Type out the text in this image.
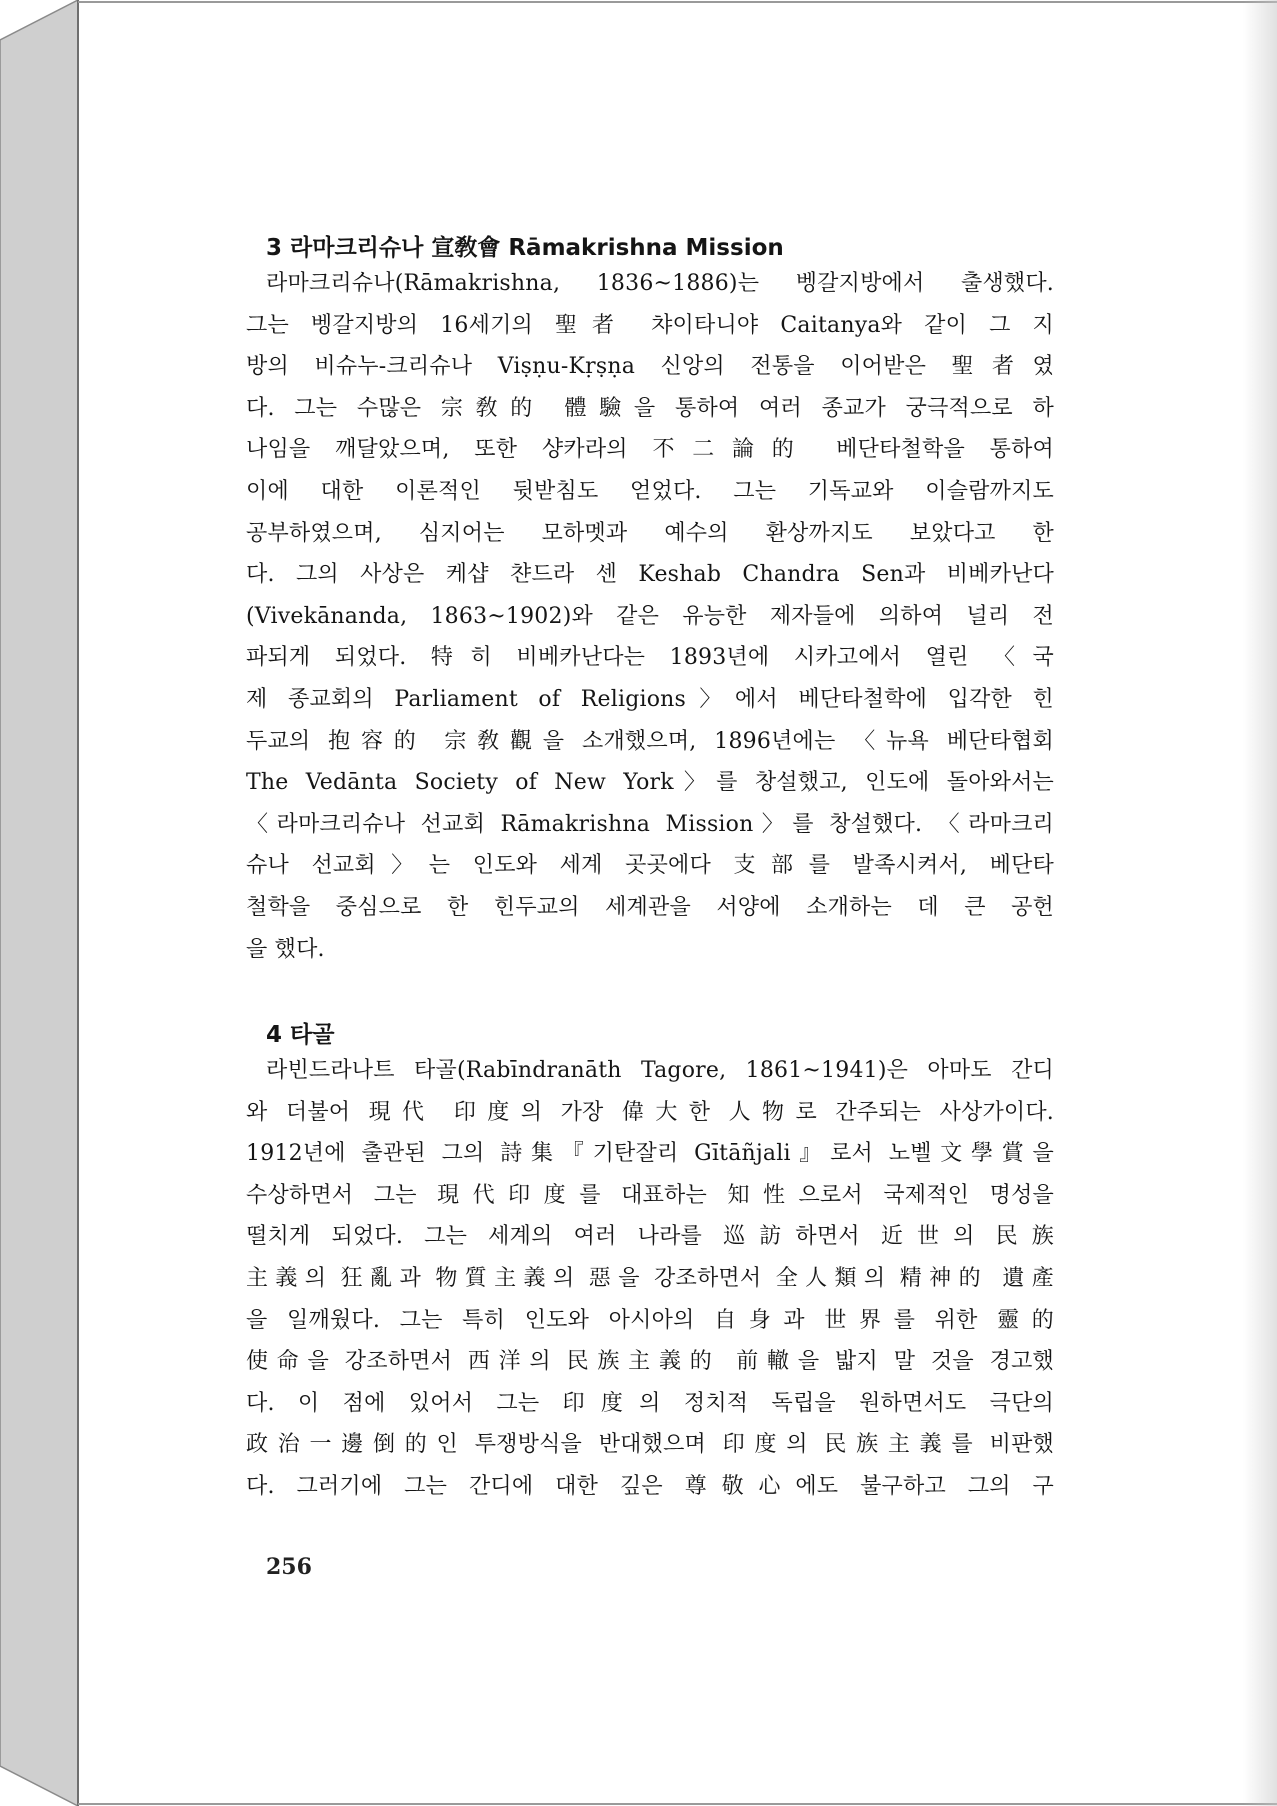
3 라마크리슈나 宣敎會 Rāmakrishna Mission
라마크리슈나(Rāmakrishna, 1836~1886)는 벵갈지방에서 출생했다.
그는 벵갈지방의 16세기의 聖者 챠이타니야 Caitanya와 같이 그 지
방의 비슈누-크리슈나 Viṣṇu-Kṛṣṇa 신앙의 전통을 이어받은 聖者였
다. 그는 수많은 宗敎的 體驗을 통하여 여러 종교가 궁극적으로 하
나임을 깨달았으며, 또한 샹카라의 不二論的 베단타철학을 통하여
이에 대한 이론적인 뒷받침도 얻었다. 그는 기독교와 이슬람까지도
공부하였으며, 심지어는 모하멧과 예수의 환상까지도 보았다고 한
다. 그의 사상은 케샵 챤드라 센 Keshab Chandra Sen과 비베카난다
(Vivekānanda, 1863~1902)와 같은 유능한 제자들에 의하여 널리 전
파되게 되었다. 特히 비베카난다는 1893년에 시카고에서 열린 〈국
제 종교회의 Parliament of Religions〉에서 베단타철학에 입각한 힌
두교의 抱容的 宗敎觀을 소개했으며, 1896년에는 〈뉴욕 베단타협회
The Vedānta Society of New York〉를 창설했고, 인도에 돌아와서는
〈라마크리슈나 선교회 Rāmakrishna Mission〉를 창설했다. 〈라마크리
슈나 선교회〉는 인도와 세계 곳곳에다 支部를 발족시켜서, 베단타
철학을 중심으로 한 힌두교의 세계관을 서양에 소개하는 데 큰 공헌
을 했다.
4 타골
라빈드라나트 타골(Rabīndranāth Tagore, 1861~1941)은 아마도 간디
와 더불어 現代 印度의 가장 偉大한 人物로 간주되는 사상가이다.
1912년에 출관된 그의 詩集『기탄잘리 Gītāñjali』로서 노벨文學賞을
수상하면서 그는 現代印度를 대표하는 知性으로서 국제적인 명성을
떨치게 되었다. 그는 세계의 여러 나라를 巡訪하면서 近世의 民族
主義의 狂亂과 物質主義의 惡을 강조하면서 全人類의 精神的 遺產
을 일깨웠다. 그는 특히 인도와 아시아의 自身과 世界를 위한 靈的
使命을 강조하면서 西洋의 民族主義的 前轍을 밟지 말 것을 경고했
다. 이 점에 있어서 그는 印度의 정치적 독립을 원하면서도 극단의
政治一邊倒的인 투쟁방식을 반대했으며 印度의 民族主義를 비판했
다. 그러기에 그는 간디에 대한 깊은 尊敬心에도 불구하고 그의 구
256
